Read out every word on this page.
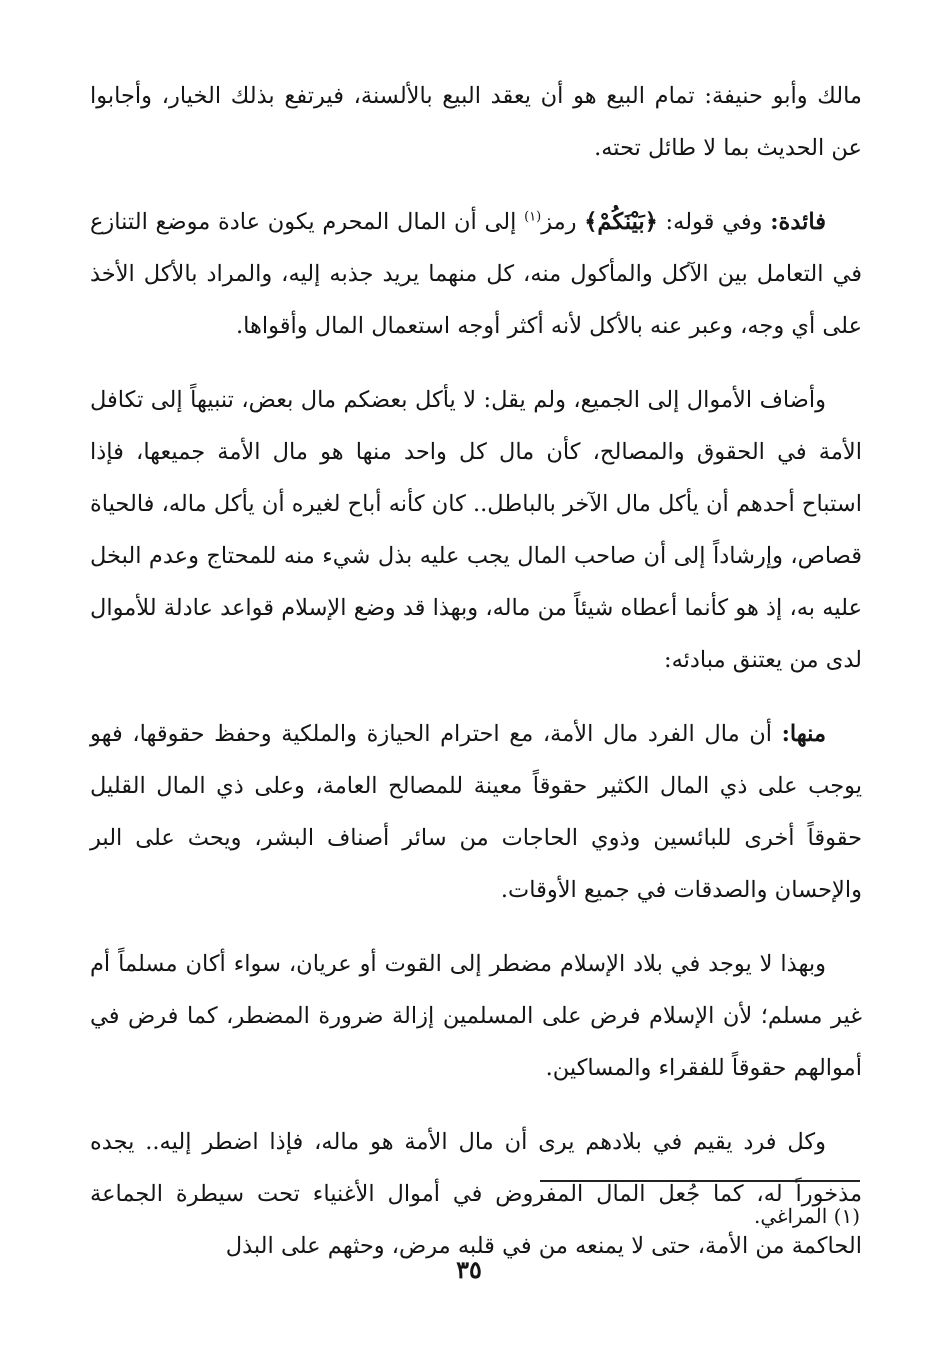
مالك وأبو حنيفة: تمام البيع هو أن يعقد البيع بالألسنة، فيرتفع بذلك الخيار، وأجابوا عن الحديث بما لا طائل تحته.

فائدة: وفي قوله: ﴿بَيْنَكُمْ﴾ رمز$^{(١)}$ إلى أن المال المحرم يكون عادة موضع التنازع في التعامل بين الآكل والمأكول منه، كل منهما يريد جذبه إليه، والمراد بالأكل الأخذ على أي وجه، وعبر عنه بالأكل لأنه أكثر أوجه استعمال المال وأقواها.

وأضاف الأموال إلى الجميع، ولم يقل: لا يأكل بعضكم مال بعض، تنبيهاً إلى تكافل الأمة في الحقوق والمصالح، كأن مال كل واحد منها هو مال الأمة جميعها، فإذا استباح أحدهم أن يأكل مال الآخر بالباطل.. كان كأنه أباح لغيره أن يأكل ماله، فالحياة قصاص، وإرشاداً إلى أن صاحب المال يجب عليه بذل شيء منه للمحتاج وعدم البخل عليه به، إذ هو كأنما أعطاه شيئاً من ماله، وبهذا قد وضع الإسلام قواعد عادلة للأموال لدى من يعتنق مبادئه:

منها: أن مال الفرد مال الأمة، مع احترام الحيازة والملكية وحفظ حقوقها، فهو يوجب على ذي المال الكثير حقوقاً معينة للمصالح العامة، وعلى ذي المال القليل حقوقاً أخرى للبائسين وذوي الحاجات من سائر أصناف البشر، ويحث على البر والإحسان والصدقات في جميع الأوقات.

وبهذا لا يوجد في بلاد الإسلام مضطر إلى القوت أو عريان، سواء أكان مسلماً أم غير مسلم؛ لأن الإسلام فرض على المسلمين إزالة ضرورة المضطر، كما فرض في أموالهم حقوقاً للفقراء والمساكين.

وكل فرد يقيم في بلادهم يرى أن مال الأمة هو ماله، فإذا اضطر إليه.. يجده مذخوراً له، كما جُعل المال المفروض في أموال الأغنياء تحت سيطرة الجماعة الحاكمة من الأمة، حتى لا يمنعه من في قلبه مرض، وحثهم على البذل

(١) المراغي.
٣٥
